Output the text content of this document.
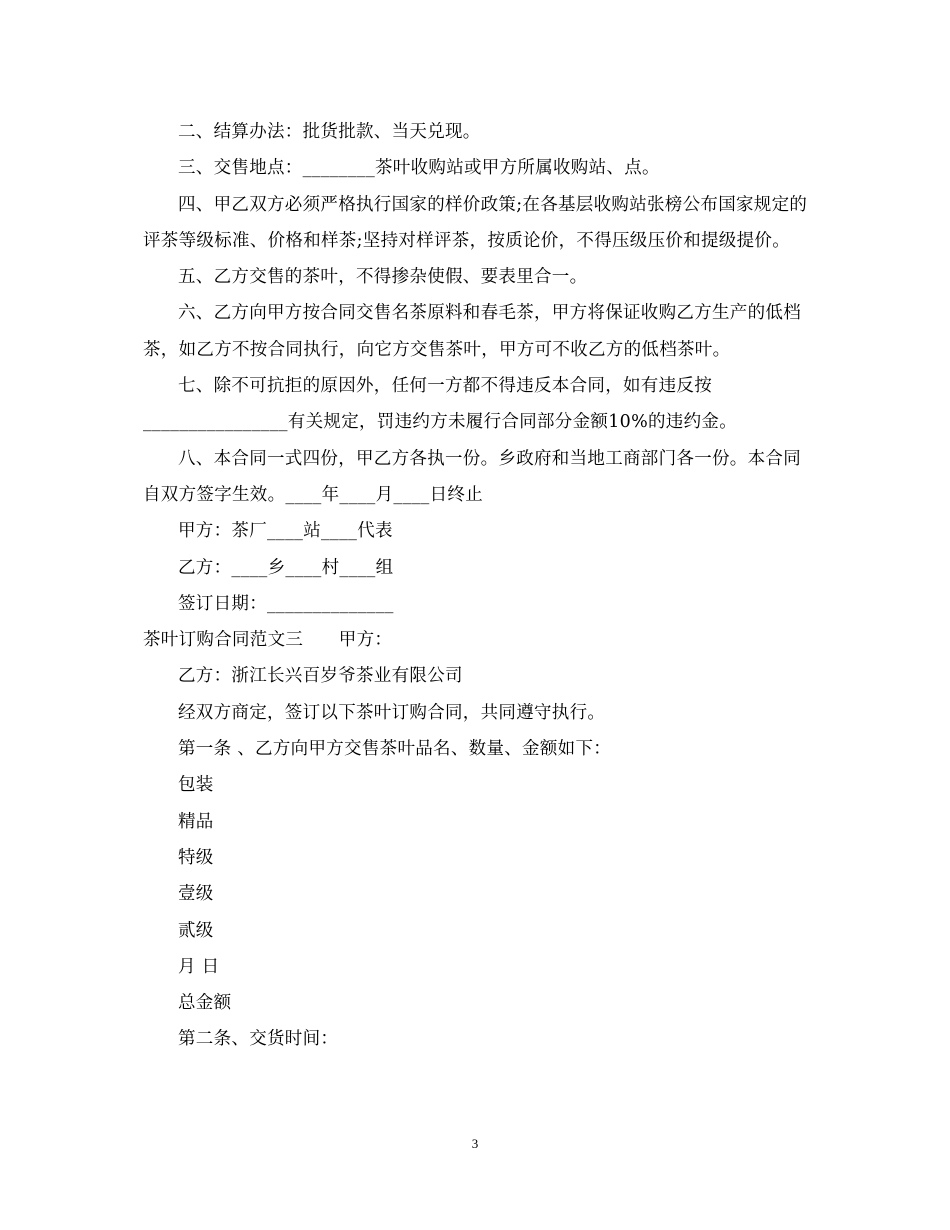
二、结算办法：批货批款、当天兑现。

三、交售地点：________茶叶收购站或甲方所属收购站、点。

四、甲乙双方必须严格执行国家的样价政策;在各基层收购站张榜公布国家规定的评茶等级标准、价格和样茶;坚持对样评茶，按质论价，不得压级压价和提级提价。

五、乙方交售的茶叶，不得掺杂使假、要表里合一。

六、乙方向甲方按合同交售名茶原料和春毛茶，甲方将保证收购乙方生产的低档茶，如乙方不按合同执行，向它方交售茶叶，甲方可不收乙方的低档茶叶。

七、除不可抗拒的原因外，任何一方都不得违反本合同，如有违反按________________有关规定，罚违约方未履行合同部分金额10%的违约金。

八、本合同一式四份，甲乙方各执一份。乡政府和当地工商部门各一份。本合同自双方签字生效。____年____月____日终止

甲方：茶厂____站____代表

乙方：____乡____村____组

签订日期：______________

茶叶订购合同范文三　　甲方：

乙方：浙江长兴百岁爷茶业有限公司

经双方商定，签订以下茶叶订购合同，共同遵守执行。

第一条 、乙方向甲方交售茶叶品名、数量、金额如下：

包装

精品

特级

壹级

贰级

月 日

总金额

第二条、交货时间：

3
